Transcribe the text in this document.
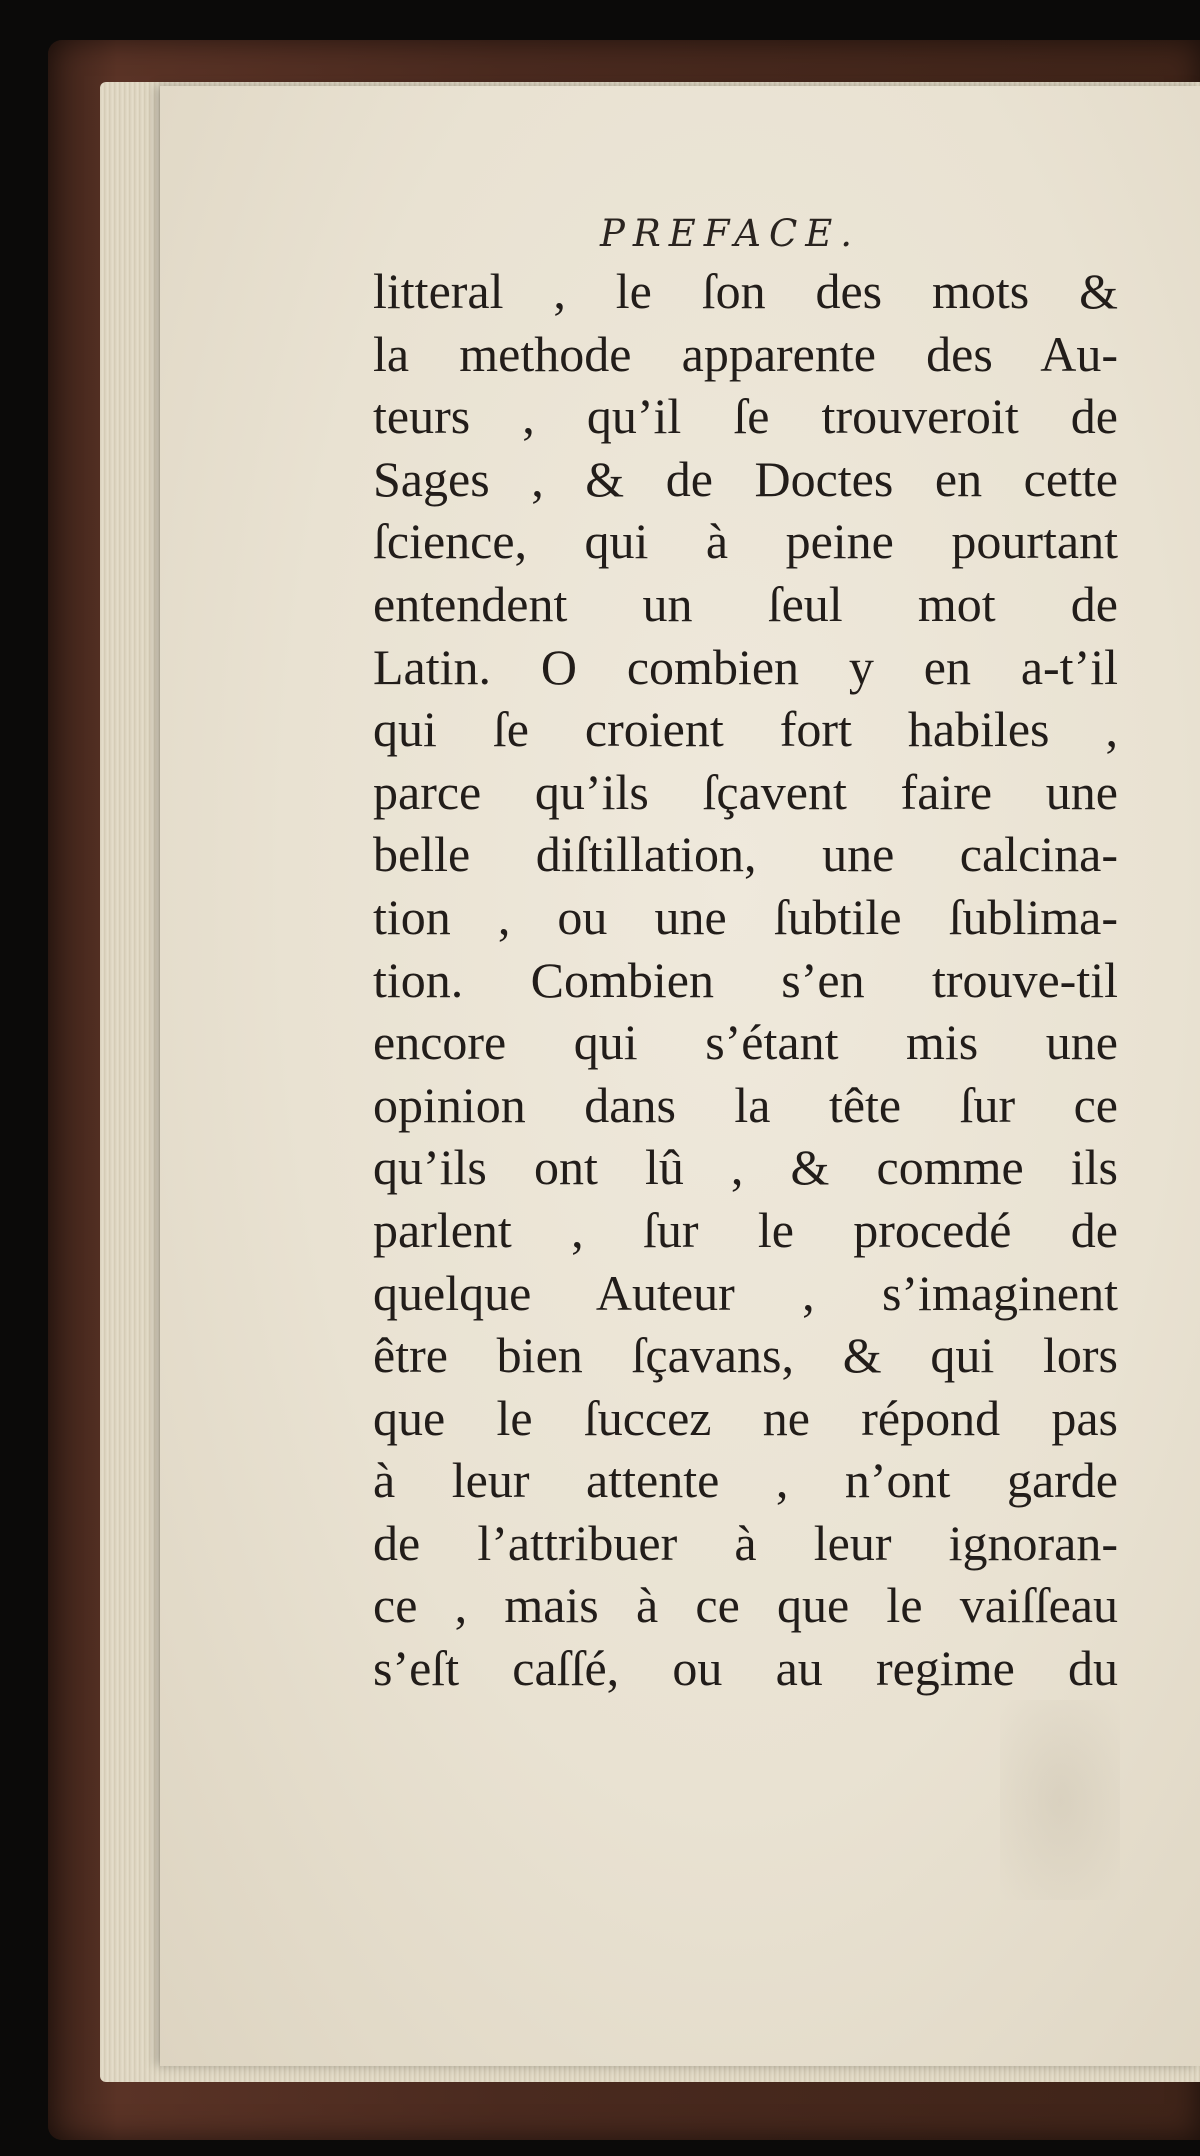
PREFACE.
litteral , le ſon des mots &
la methode apparente des Au-
teurs , qu’il ſe trouveroit de
Sages , & de Doctes en cette
ſcience, qui à peine pourtant
entendent un ſeul mot de
Latin. O combien y en a-t’il
qui ſe croient fort habiles ,
parce qu’ils ſçavent faire une
belle diſtillation, une calcina-
tion , ou une ſubtile ſublima-
tion. Combien s’en trouve-til
encore qui s’étant mis une
opinion dans la tête ſur ce
qu’ils ont lû , & comme ils
parlent , ſur le procedé de
quelque Auteur , s’imaginent
être bien ſçavans, & qui lors
que le ſuccez ne répond pas
à leur attente , n’ont garde
de l’attribuer à leur ignoran-
ce , mais à ce que le vaiſſeau
s’eſt caſſé, ou au regime du
